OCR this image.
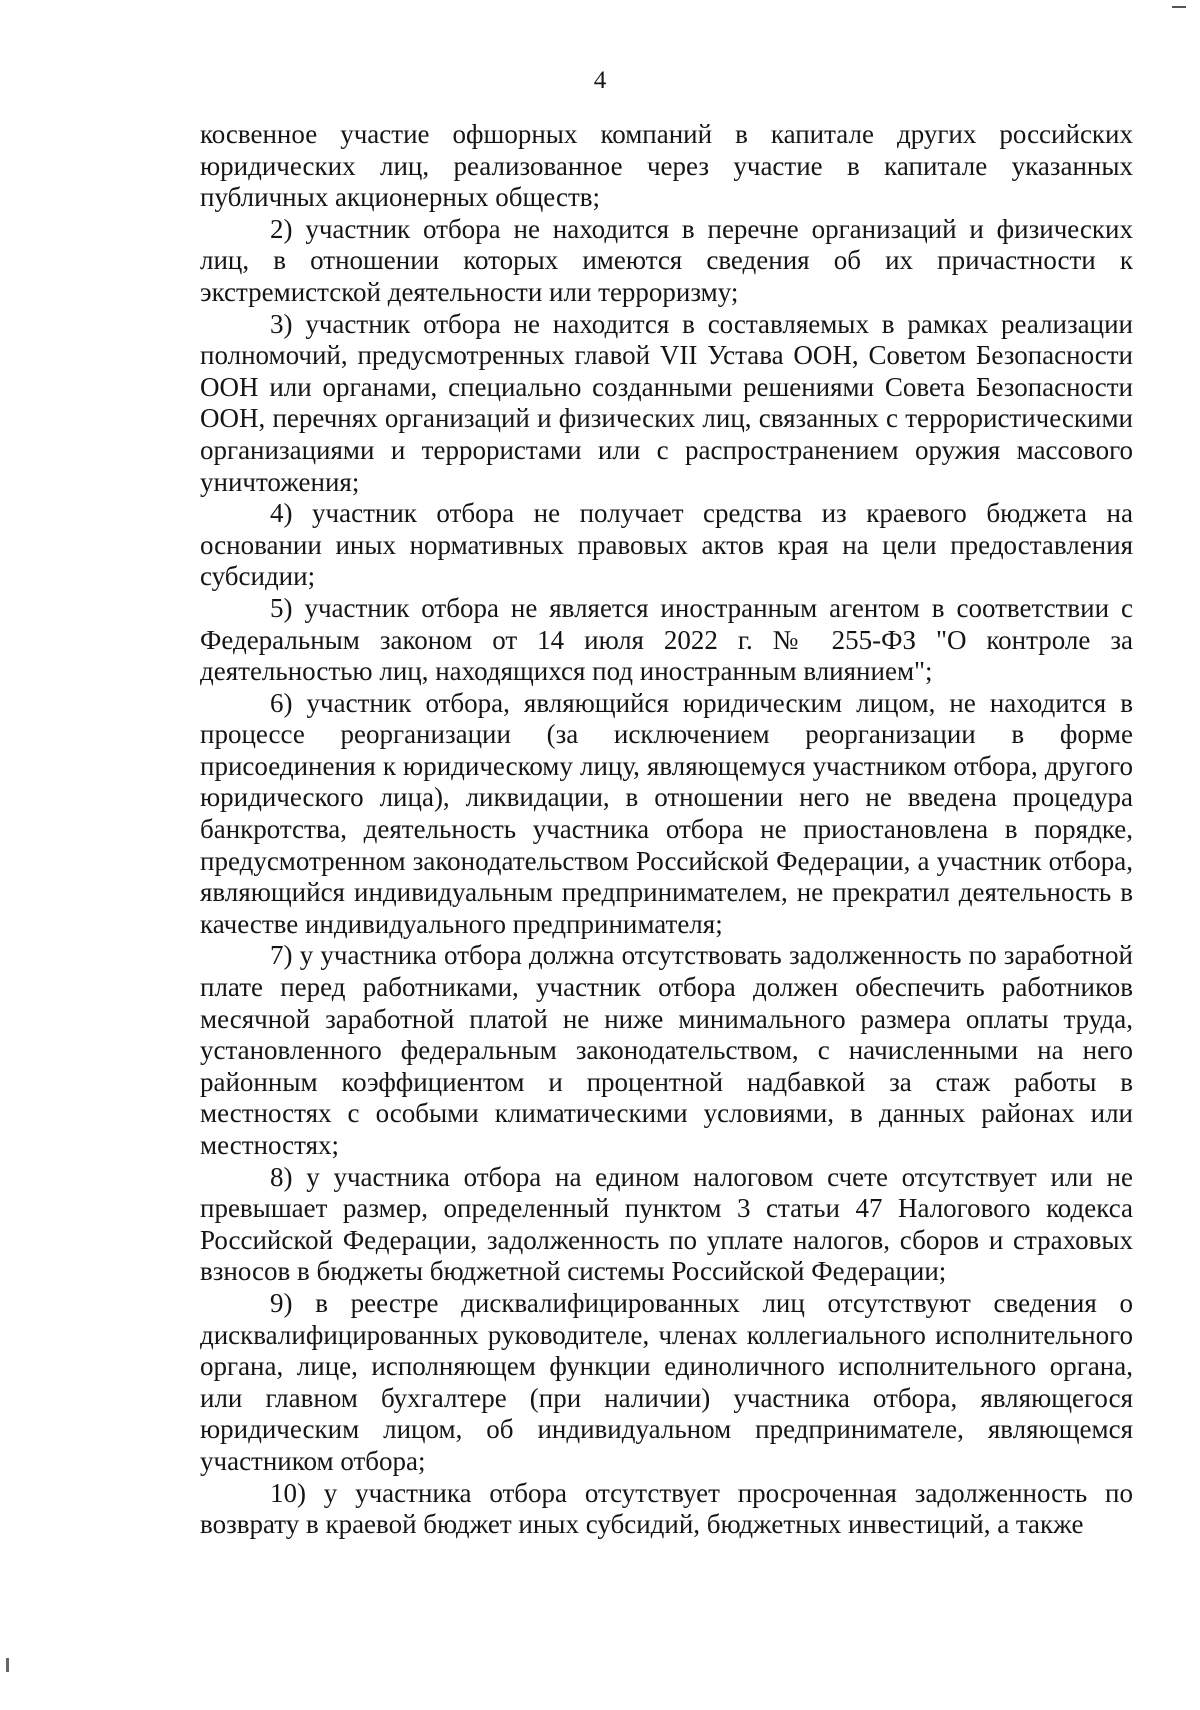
4

косвенное участие офшорных компаний в капитале других российских юридических лиц, реализованное через участие в капитале указанных публичных акционерных обществ;

2) участник отбора не находится в перечне организаций и физических лиц, в отношении которых имеются сведения об их причастности к экстремистской деятельности или терроризму;

3) участник отбора не находится в составляемых в рамках реализации полномочий, предусмотренных главой VII Устава ООН, Советом Безопасности ООН или органами, специально созданными решениями Совета Безопасности ООН, перечнях организаций и физических лиц, связанных с террористическими организациями и террористами или с распространением оружия массового уничтожения;

4) участник отбора не получает средства из краевого бюджета на основании иных нормативных правовых актов края на цели предоставления субсидии;

5) участник отбора не является иностранным агентом в соответствии с Федеральным законом от 14 июля 2022 г. № 255-ФЗ "О контроле за деятельностью лиц, находящихся под иностранным влиянием";

6) участник отбора, являющийся юридическим лицом, не находится в процессе реорганизации (за исключением реорганизации в форме присоединения к юридическому лицу, являющемуся участником отбора, другого юридического лица), ликвидации, в отношении него не введена процедура банкротства, деятельность участника отбора не приостановлена в порядке, предусмотренном законодательством Российской Федерации, а участник отбора, являющийся индивидуальным предпринимателем, не прекратил деятельность в качестве индивидуального предпринимателя;

7) у участника отбора должна отсутствовать задолженность по заработной плате перед работниками, участник отбора должен обеспечить работников месячной заработной платой не ниже минимального размера оплаты труда, установленного федеральным законодательством, с начисленными на него районным коэффициентом и процентной надбавкой за стаж работы в местностях с особыми климатическими условиями, в данных районах или местностях;

8) у участника отбора на едином налоговом счете отсутствует или не превышает размер, определенный пунктом 3 статьи 47 Налогового кодекса Российской Федерации, задолженность по уплате налогов, сборов и страховых взносов в бюджеты бюджетной системы Российской Федерации;

9) в реестре дисквалифицированных лиц отсутствуют сведения о дисквалифицированных руководителе, членах коллегиального исполнительного органа, лице, исполняющем функции единоличного исполнительного органа, или главном бухгалтере (при наличии) участника отбора, являющегося юридическим лицом, об индивидуальном предпринимателе, являющемся участником отбора;

10) у участника отбора отсутствует просроченная задолженность по возврату в краевой бюджет иных субсидий, бюджетных инвестиций, а также
